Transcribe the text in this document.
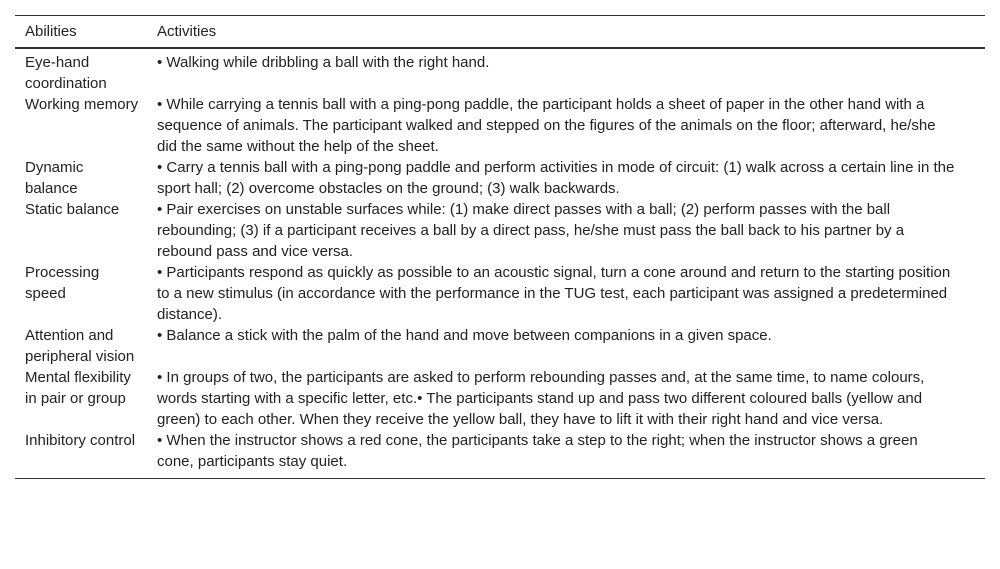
Abilities	Activities
Eye-hand coordination	• Walking while dribbling a ball with the right hand.
Working memory	• While carrying a tennis ball with a ping-pong paddle, the participant holds a sheet of paper in the other hand with a sequence of animals. The participant walked and stepped on the figures of the animals on the floor; afterward, he/she did the same without the help of the sheet.
Dynamic balance	• Carry a tennis ball with a ping-pong paddle and perform activities in mode of circuit: (1) walk across a certain line in the sport hall; (2) overcome obstacles on the ground; (3) walk backwards.
Static balance	• Pair exercises on unstable surfaces while: (1) make direct passes with a ball; (2) perform passes with the ball rebounding; (3) if a participant receives a ball by a direct pass, he/she must pass the ball back to his partner by a rebound pass and vice versa.
Processing speed	• Participants respond as quickly as possible to an acoustic signal, turn a cone around and return to the starting position to a new stimulus (in accordance with the performance in the TUG test, each participant was assigned a predetermined distance).
Attention and peripheral vision	• Balance a stick with the palm of the hand and move between companions in a given space.
Mental flexibility in pair or group	• In groups of two, the participants are asked to perform rebounding passes and, at the same time, to name colours, words starting with a specific letter, etc.• The participants stand up and pass two different coloured balls (yellow and green) to each other. When they receive the yellow ball, they have to lift it with their right hand and vice versa.
Inhibitory control	• When the instructor shows a red cone, the participants take a step to the right; when the instructor shows a green cone, participants stay quiet.
